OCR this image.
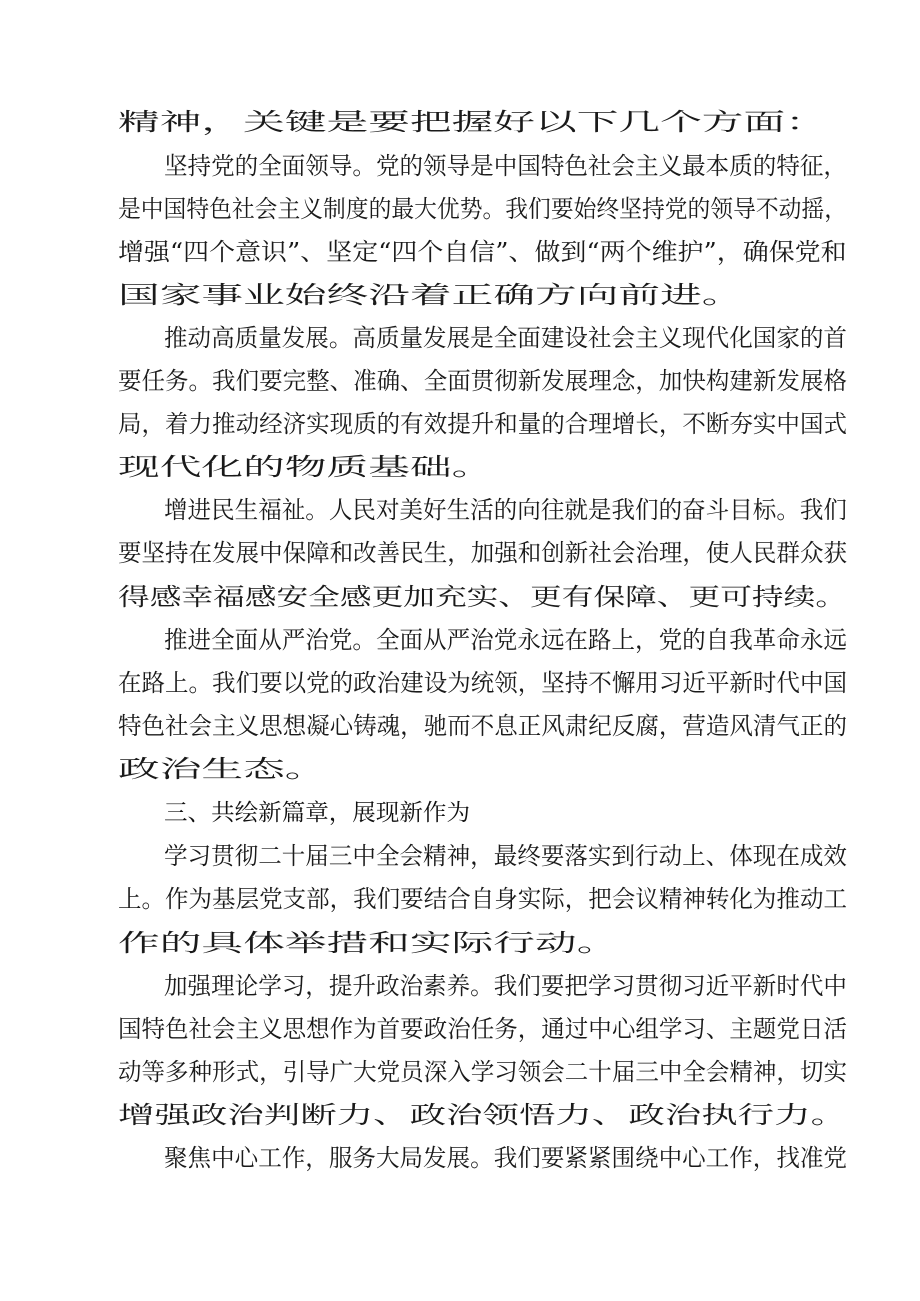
精神，关键是要把握好以下几个方面：
坚持党的全面领导。党的领导是中国特色社会主义最本质的特征，
是中国特色社会主义制度的最大优势。我们要始终坚持党的领导不动摇，
增强“四个意识”、坚定“四个自信”、做到“两个维护”，确保党和
国家事业始终沿着正确方向前进。
推动高质量发展。高质量发展是全面建设社会主义现代化国家的首
要任务。我们要完整、准确、全面贯彻新发展理念，加快构建新发展格
局，着力推动经济实现质的有效提升和量的合理增长，不断夯实中国式
现代化的物质基础。
增进民生福祉。人民对美好生活的向往就是我们的奋斗目标。我们
要坚持在发展中保障和改善民生，加强和创新社会治理，使人民群众获
得感幸福感安全感更加充实、更有保障、更可持续。
推进全面从严治党。全面从严治党永远在路上，党的自我革命永远
在路上。我们要以党的政治建设为统领，坚持不懈用习近平新时代中国
特色社会主义思想凝心铸魂，驰而不息正风肃纪反腐，营造风清气正的
政治生态。
三、共绘新篇章，展现新作为
学习贯彻二十届三中全会精神，最终要落实到行动上、体现在成效
上。作为基层党支部，我们要结合自身实际，把会议精神转化为推动工
作的具体举措和实际行动。
加强理论学习，提升政治素养。我们要把学习贯彻习近平新时代中
国特色社会主义思想作为首要政治任务，通过中心组学习、主题党日活
动等多种形式，引导广大党员深入学习领会二十届三中全会精神，切实
增强政治判断力、政治领悟力、政治执行力。
聚焦中心工作，服务大局发展。我们要紧紧围绕中心工作，找准党
